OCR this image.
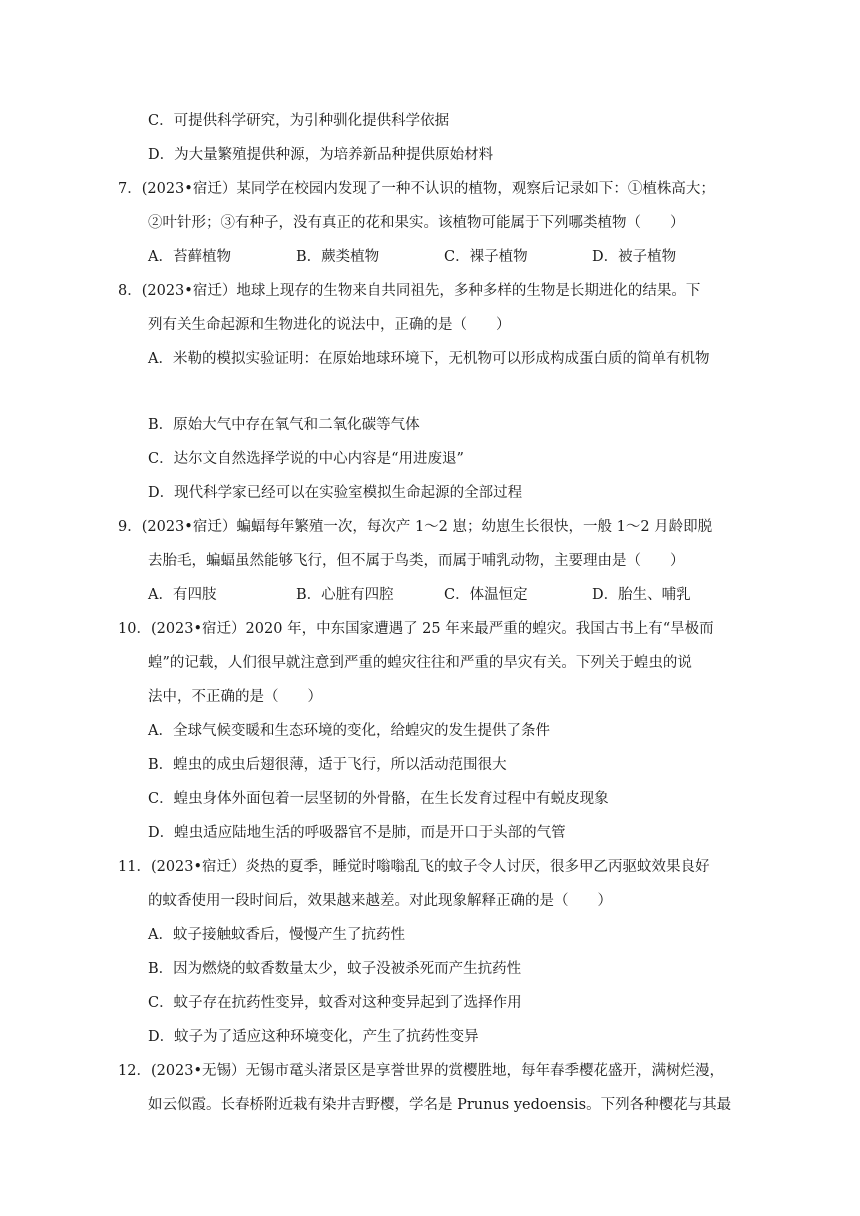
C．可提供科学研究，为引种驯化提供科学依据
D．为大量繁殖提供种源，为培养新品种提供原始材料
7．(2023•宿迁）某同学在校园内发现了一种不认识的植物，观察后记录如下：①植株高大；
②叶针形；③有种子，没有真正的花和果实。该植物可能属于下列哪类植物（　　）
A．苔藓植物	B．蕨类植物	C．裸子植物	D．被子植物
8．(2023•宿迁）地球上现存的生物来自共同祖先，多种多样的生物是长期进化的结果。下
列有关生命起源和生物进化的说法中，正确的是（　　）
A．米勒的模拟实验证明：在原始地球环境下，无机物可以形成构成蛋白质的简单有机物
B．原始大气中存在氧气和二氧化碳等气体
C．达尔文自然选择学说的中心内容是“用进废退”
D．现代科学家已经可以在实验室模拟生命起源的全部过程
9．(2023•宿迁）蝙蝠每年繁殖一次，每次产 1～2 崽；幼崽生长很快，一般 1～2 月龄即脱
去胎毛，蝙蝠虽然能够飞行，但不属于鸟类，而属于哺乳动物，主要理由是（　　）
A．有四肢	B．心脏有四腔	C．体温恒定	D．胎生、哺乳
10．(2023•宿迁）2020 年，中东国家遭遇了 25 年来最严重的蝗灾。我国古书上有“旱极而
蝗”的记载，人们很早就注意到严重的蝗灾往往和严重的旱灾有关。下列关于蝗虫的说
法中，不正确的是（　　）
A．全球气候变暖和生态环境的变化，给蝗灾的发生提供了条件
B．蝗虫的成虫后翅很薄，适于飞行，所以活动范围很大
C．蝗虫身体外面包着一层坚韧的外骨骼，在生长发育过程中有蜕皮现象
D．蝗虫适应陆地生活的呼吸器官不是肺，而是开口于头部的气管
11．(2023•宿迁）炎热的夏季，睡觉时嗡嗡乱飞的蚊子令人讨厌，很多甲乙丙驱蚊效果良好
的蚊香使用一段时间后，效果越来越差。对此现象解释正确的是（　　）
A．蚊子接触蚊香后，慢慢产生了抗药性
B．因为燃烧的蚊香数量太少，蚊子没被杀死而产生抗药性
C．蚊子存在抗药性变异，蚊香对这种变异起到了选择作用
D．蚊子为了适应这种环境变化，产生了抗药性变异
12．(2023•无锡）无锡市鼋头渚景区是享誉世界的赏樱胜地，每年春季樱花盛开，满树烂漫，
如云似霞。长春桥附近栽有染井吉野樱，学名是 Prunus yedoensis。下列各种樱花与其最
